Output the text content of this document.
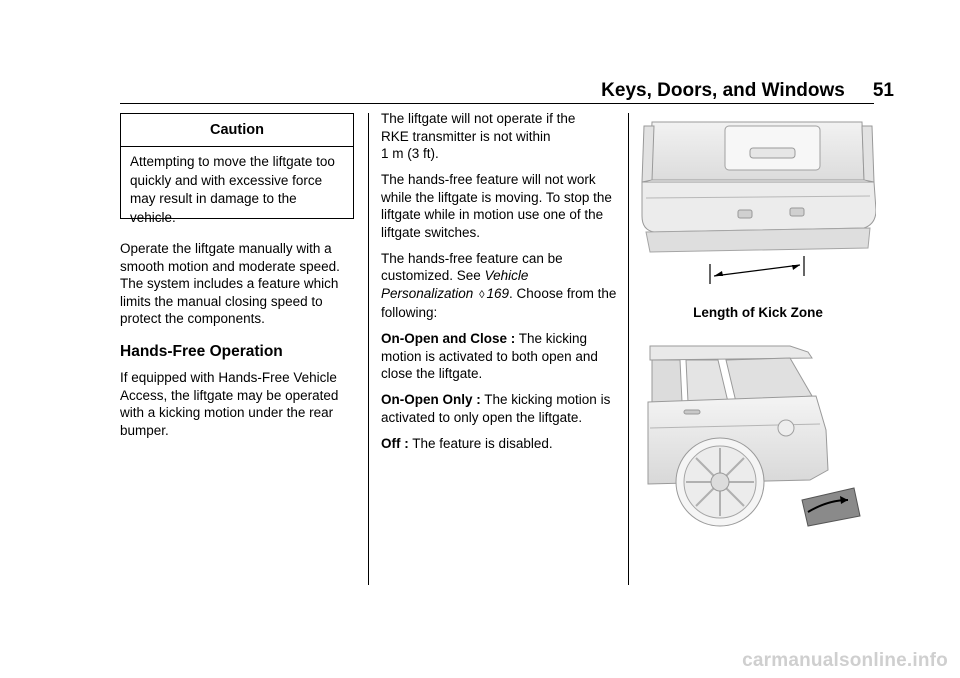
Keys, Doors, and Windows 51
Caution
Attempting to move the liftgate too quickly and with excessive force may result in damage to the vehicle.

Operate the liftgate manually with a smooth motion and moderate speed. The system includes a feature which limits the manual closing speed to protect the components.

Hands-Free Operation

If equipped with Hands-Free Vehicle Access, the liftgate may be operated with a kicking motion under the rear bumper.

The liftgate will not operate if the
RKE transmitter is not within
1 m (3 ft).

The hands-free feature will not work while the liftgate is moving. To stop the liftgate while in motion use one of the liftgate switches.

The hands-free feature can be customized. See Vehicle Personalization ◊ 169. Choose from the following:

On-Open and Close : The kicking motion is activated to both open and close the liftgate.

On-Open Only : The kicking motion is activated to only open the liftgate.

Off : The feature is disabled.

Length of Kick Zone
carmanualsonline.info
